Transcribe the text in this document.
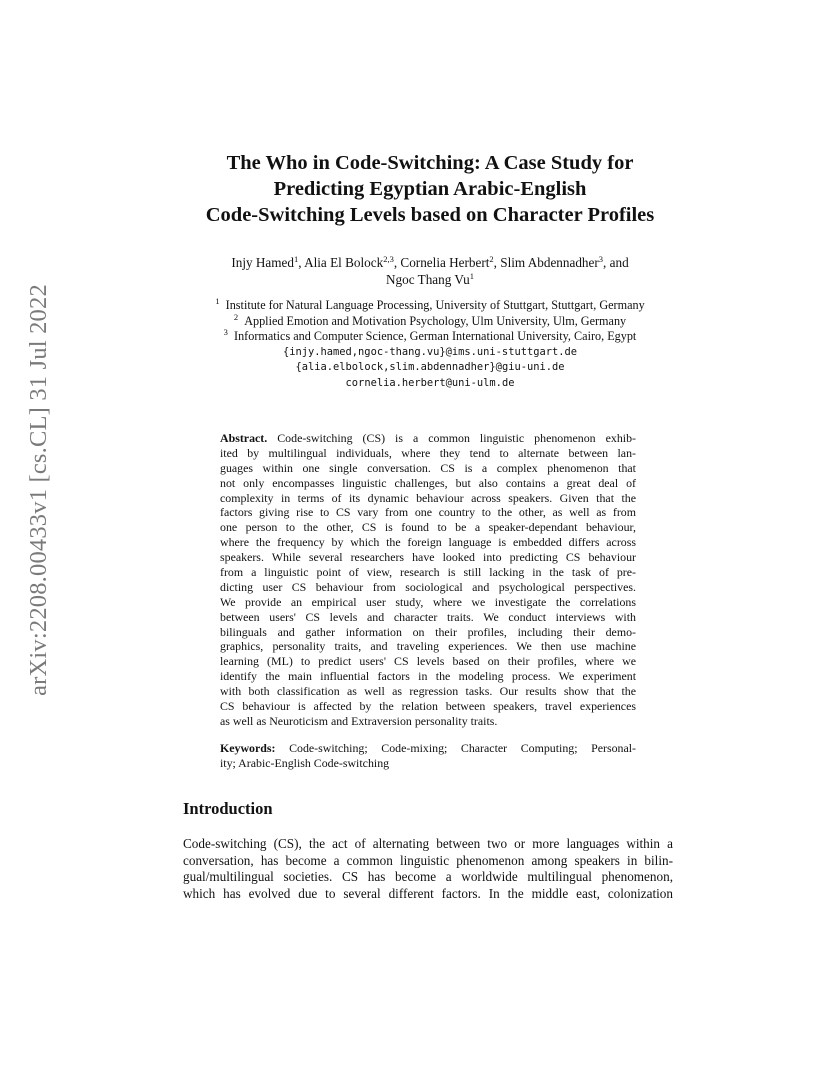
arXiv:2208.00433v1 [cs.CL] 31 Jul 2022
The Who in Code-Switching: A Case Study for
Predicting Egyptian Arabic-English
Code-Switching Levels based on Character Profiles
Injy Hamed$^1$, Alia El Bolock$^{2,3}$, Cornelia Herbert$^2$, Slim Abdennadher$^3$, and
Ngoc Thang Vu$^1$
$^1$ Institute for Natural Language Processing, University of Stuttgart, Stuttgart, Germany
$^2$ Applied Emotion and Motivation Psychology, Ulm University, Ulm, Germany
$^3$ Informatics and Computer Science, German International University, Cairo, Egypt
{injy.hamed,ngoc-thang.vu}@ims.uni-stuttgart.de
{alia.elbolock,slim.abdennadher}@giu-uni.de
cornelia.herbert@uni-ulm.de
Abstract. Code-switching (CS) is a common linguistic phenomenon exhib-
ited by multilingual individuals, where they tend to alternate between lan-
guages within one single conversation. CS is a complex phenomenon that
not only encompasses linguistic challenges, but also contains a great deal of
complexity in terms of its dynamic behaviour across speakers. Given that the
factors giving rise to CS vary from one country to the other, as well as from
one person to the other, CS is found to be a speaker-dependant behaviour,
where the frequency by which the foreign language is embedded differs across
speakers. While several researchers have looked into predicting CS behaviour
from a linguistic point of view, research is still lacking in the task of pre-
dicting user CS behaviour from sociological and psychological perspectives.
We provide an empirical user study, where we investigate the correlations
between users' CS levels and character traits. We conduct interviews with
bilinguals and gather information on their profiles, including their demo-
graphics, personality traits, and traveling experiences. We then use machine
learning (ML) to predict users' CS levels based on their profiles, where we
identify the main influential factors in the modeling process. We experiment
with both classification as well as regression tasks. Our results show that the
CS behaviour is affected by the relation between speakers, travel experiences
as well as Neuroticism and Extraversion personality traits.
Keywords: Code-switching; Code-mixing; Character Computing; Personal-
ity; Arabic-English Code-switching
Introduction
Code-switching (CS), the act of alternating between two or more languages within a
conversation, has become a common linguistic phenomenon among speakers in bilin-
gual/multilingual societies. CS has become a worldwide multilingual phenomenon,
which has evolved due to several different factors. In the middle east, colonization
